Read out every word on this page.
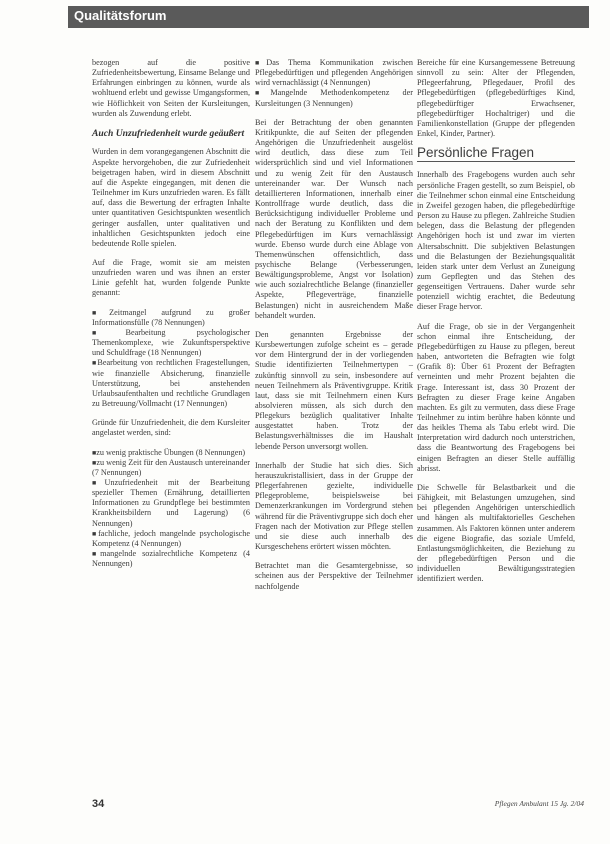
Qualitätsforum

bezogen auf die positive Zufriedenheitsbewertung, Einsame Belange und Erfahrungen einbringen zu können, wurde als wohltuend erlebt und gewisse Umgangsformen, wie Höflichkeit von Seiten der Kursleitungen, wurden als Zuwendung erlebt.

Auch Unzufriedenheit wurde geäußert

Wurden in dem vorangegangenen Abschnitt die Aspekte hervorgehoben, die zur Zufriedenheit beigetragen haben, wird in diesem Abschnitt auf die Aspekte eingegangen, mit denen die Teilnehmer im Kurs unzufrieden waren. Es fällt auf, dass die Bewertung der erfragten Inhalte unter quantitativen Gesichtspunkten wesentlich geringer ausfallen, unter qualitativen und inhaltlichen Gesichtspunkten jedoch eine bedeutende Rolle spielen.

Auf die Frage, womit sie am meisten unzufrieden waren und was ihnen an erster Linie gefehlt hat, wurden folgende Punkte genannt:

■ Zeitmangel aufgrund zu großer Informationsfülle (78 Nennungen)
■ Bearbeitung psychologischer Themenkomplexe, wie Zukunftsperspektive und Schuldfrage (18 Nennungen)
■ Bearbeitung von rechtlichen Fragestellungen, wie finanzielle Absicherung, finanzielle Unterstützung, bei anstehenden Urlaubsaufenthalten und rechtliche Grundlagen zu Betreuung/Vollmacht (17 Nennungen)

Gründe für Unzufriedenheit, die dem Kursleiter angelastet werden, sind:

■ zu wenig praktische Übungen (8 Nennungen)
■ zu wenig Zeit für den Austausch untereinander (7 Nennungen)
■ Unzufriedenheit mit der Bearbeitung spezieller Themen (Ernährung, detaillierten Informationen zu Grundpflege bei bestimmten Krankheitsbildern und Lagerung) (6 Nennungen)
■ fachliche, jedoch mangelnde psychologische Kompetenz (4 Nennungen)
■ mangelnde sozialrechtliche Kompetenz (4 Nennungen)
■ Das Thema Kommunikation zwischen Pflegebedürftigen und pflegenden Angehörigen wird vernachlässigt (4 Nennungen)
■ Mangelnde Methodenkompetenz der Kursleitungen (3 Nennungen)

Bei der Betrachtung der oben genannten Kritikpunkte, die auf Seiten der pflegenden Angehörigen die Unzufriedenheit ausgelöst wird deutlich, dass diese zum Teil widersprüchlich sind und viel Informationen und zu wenig Zeit für den Austausch untereinander war. Der Wunsch nach detaillierteren Informationen, innerhalb einer Kontrollfrage wurde deutlich, dass die Berücksichtigung individueller Probleme und nach der Beratung zu Konflikten und dem Pflegebedürftigen im Kurs vernachlässigt wurde. Ebenso wurde durch eine Ablage von Themenwünschen offensichtlich, dass psychische Belange (Verbesserungen, Bewältigungsprobleme, Angst vor Isolation) wie auch sozialrechtliche Belange (finanzieller Aspekte, Pflegeverträge, finanzielle Belastungen) nicht in ausreichendem Maße behandelt wurden.

Den genannten Ergebnisse der Kursbewertungen zufolge scheint es – gerade vor dem Hintergrund der in der vorliegenden Studie identifizierten Teilnehmertypen – zukünftig sinnvoll zu sein, insbesondere auf neuen Teilnehmern als Präventivgruppe. Kritik laut, dass sie mit Teilnehmern einen Kurs absolvieren müssen, als sich durch den Pflegekurs bezüglich qualitativer Inhalte ausgestattet haben. Trotz der Belastungsverhältnisses die im Haushalt lebende Person unversorgt wollen.

Innerhalb der Studie hat sich dies. Sich herauszukristallisiert, dass in der Gruppe der Pflegerfahrenen gezielte, individuelle Pflegeprobleme, beispielsweise bei Demenzerkrankungen im Vordergrund stehen während für die Präventivgruppe sich doch eher Fragen nach der Motivation zur Pflege stellen und sie diese auch innerhalb des Kursgeschehens erörtert wissen möchten.

Betrachtet man die Gesamtergebnisse, so scheinen aus der Perspektive der Teilnehmer nachfolgende

Bereiche für eine Kursangemessene Betreuung sinnvoll zu sein: Alter der Pflegenden, Pflegeerfahrung, Pflegedauer, Profil des Pflegebedürftigen (pflegebedürftiges Kind, pflegebedürftiger Erwachsener, pflegebedürftiger Hochaltriger) und die Familienkonstellation (Gruppe der pflegenden Enkel, Kinder, Partner).

Persönliche Fragen

Innerhalb des Fragebogens wurden auch sehr persönliche Fragen gestellt, so zum Beispiel, ob die Teilnehmer schon einmal eine Entscheidung in Zweifel gezogen haben, die pflegebedürftige Person zu Hause zu pflegen. Zahlreiche Studien belegen, dass die Belastung der pflegenden Angehörigen hoch ist und zwar im vierten Altersabschnitt. Die subjektiven Belastungen und die Belastungen der Beziehungsqualität leiden stark unter dem Verlust an Zuneigung zum Gepflegten und das Stehen des gegenseitigen Vertrauens. Daher wurde sehr potenziell wichtig erachtet, die Bedeutung dieser Frage hervor.

Auf die Frage, ob sie in der Vergangenheit schon einmal ihre Entscheidung, der Pflegebedürftigen zu Hause zu pflegen, bereut haben, antworteten die Befragten wie folgt (Grafik 8): Über 61 Prozent der Befragten verneinten und mehr Prozent bejahten die Frage. Interessant ist, dass 30 Prozent der Befragten zu dieser Frage keine Angaben machten. Es gilt zu vermuten, dass diese Frage Teilnehmer zu intim berühre haben könnte und das heikles Thema als Tabu erlebt wird. Die Interpretation wird dadurch noch unterstrichen, dass die Beantwortung des Fragebogens bei einigen Befragten an dieser Stelle auffällig abrisst.

Die Schwelle für Belastbarkeit und die Fähigkeit, mit Belastungen umzugehen, sind bei pflegenden Angehörigen unterschiedlich und hängen als multifaktorielles Geschehen zusammen. Als Faktoren können unter anderem die eigene Biografie, das soziale Umfeld, Entlastungsmöglichkeiten, die Beziehung zu der pflegebedürftigen Person und die individuellen Bewältigungsstrategien identifiziert werden.

34	Pflegen Ambulant 15 Jg. 2/04
